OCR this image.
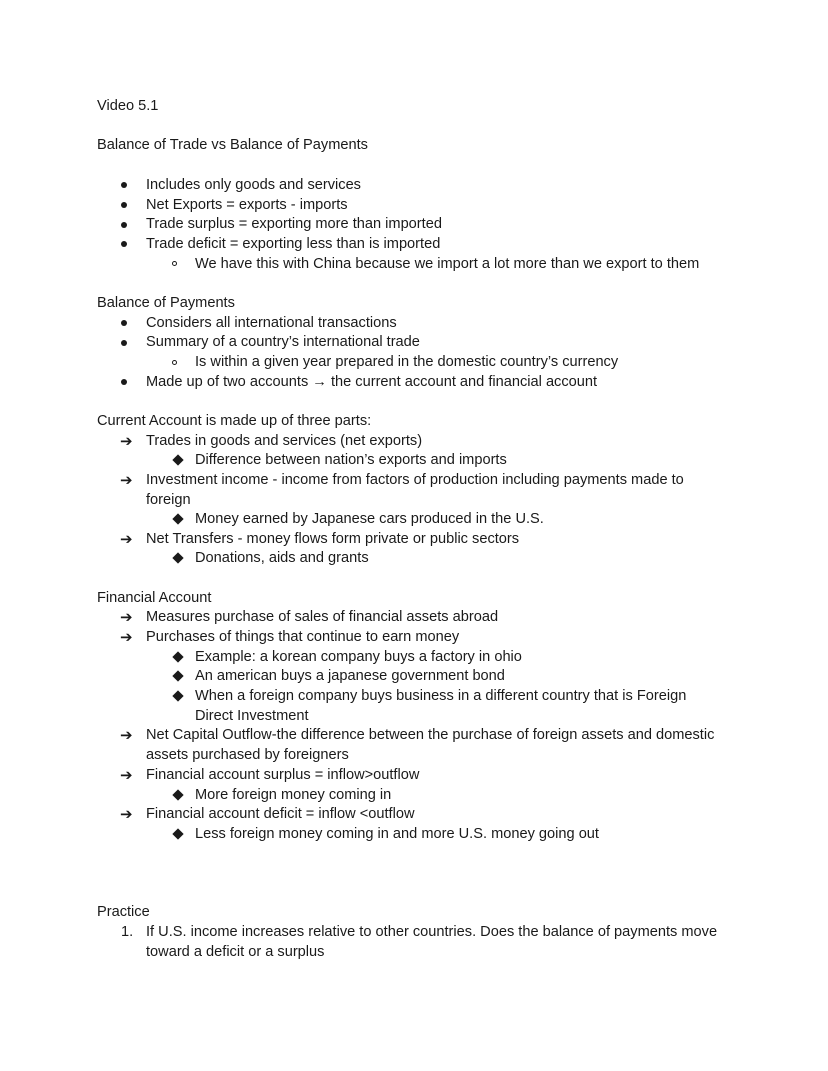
Video 5.1
Balance of Trade vs Balance of Payments
Includes only goods and services
Net Exports = exports - imports
Trade surplus = exporting more than imported
Trade deficit = exporting less than is imported
We have this with China because we import a lot more than we export to them
Balance of Payments
Considers all international transactions
Summary of a country’s international trade
Is within a given year prepared in the domestic country’s currency
Made up of two accounts → the current account and financial account
Current Account is made up of three parts:
➔ Trades in goods and services (net exports)
Difference between nation’s exports and imports
➔ Investment income - income from factors of production including payments made to
foreign
Money earned by Japanese cars produced in the U.S.
➔ Net Transfers - money flows form private or public sectors
Donations, aids and grants
Financial Account
➔ Measures purchase of sales of financial assets abroad
➔ Purchases of things that continue to earn money
Example: a korean company buys a factory in ohio
An american buys a japanese government bond
When a foreign company buys business in a different country that is Foreign
Direct Investment
➔ Net Capital Outflow-the difference between the purchase of foreign assets and domestic
assets purchased by foreigners
➔ Financial account surplus = inflow>outflow
More foreign money coming in
➔ Financial account deficit = inflow <outflow
Less foreign money coming in and more U.S. money going out
Practice
1. If U.S. income increases relative to other countries. Does the balance of payments move
toward a deficit or a surplus
